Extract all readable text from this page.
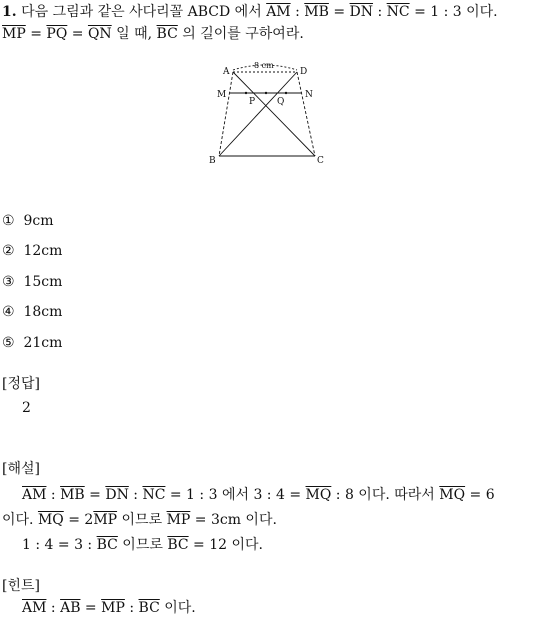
1. 다음 그림과 같은 사다리꼴 ABCD 에서 $\overline{AM}$ : $\overline{MB} = \overline{DN}$ : $\overline{NC} = 1$ : 3 이다.
$\overline{MP} = \overline{PQ} = \overline{QN}$ 일 때, $\overline{BC}$ 의 길이를 구하여라.
A	D
M	N
P Q
B	C
8 cm
① 9cm
② 12cm
③ 15cm
④ 18cm
⑤ 21cm
[정답]
2
[해설]
$\overline{AM}$ : $\overline{MB} = \overline{DN}$ : $\overline{NC} = 1$ : 3 에서 3 : $4 = \overline{MQ}$ : 8 이다. 따라서 $\overline{MQ} = 6$
이다. $\overline{MQ} = 2\overline{MP}$ 이므로 $\overline{MP} = 3cm$ 이다.
1 : 4 = 3 : $\overline{BC}$ 이므로 $\overline{BC} = 12$ 이다.
[힌트]
$\overline{AM}$ : $\overline{AB} = \overline{MP}$ : $\overline{BC}$ 이다.
